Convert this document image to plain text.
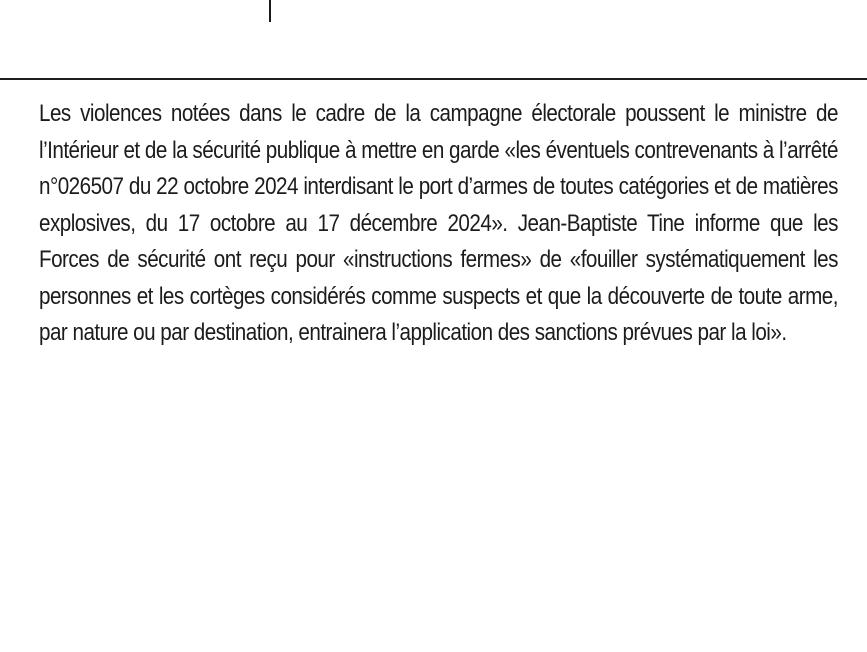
Les violences notées dans le cadre de la campagne électorale poussent le ministre de l’Intérieur et de la sécurité publique à mettre en garde «les éventuels contrevenants à l’arrêté n°026507 du 22 octobre 2024 interdisant le port d’armes de toutes catégories et de matières explosives, du 17 octobre au 17 décembre 2024». Jean-Baptiste Tine informe que les Forces de sécurité ont reçu pour «instructions fermes» de «fouiller systématiquement les personnes et les cortèges considérés comme suspects et que la découverte de toute arme, par nature ou par destination, entrainera l’application des sanctions prévues par la loi».
